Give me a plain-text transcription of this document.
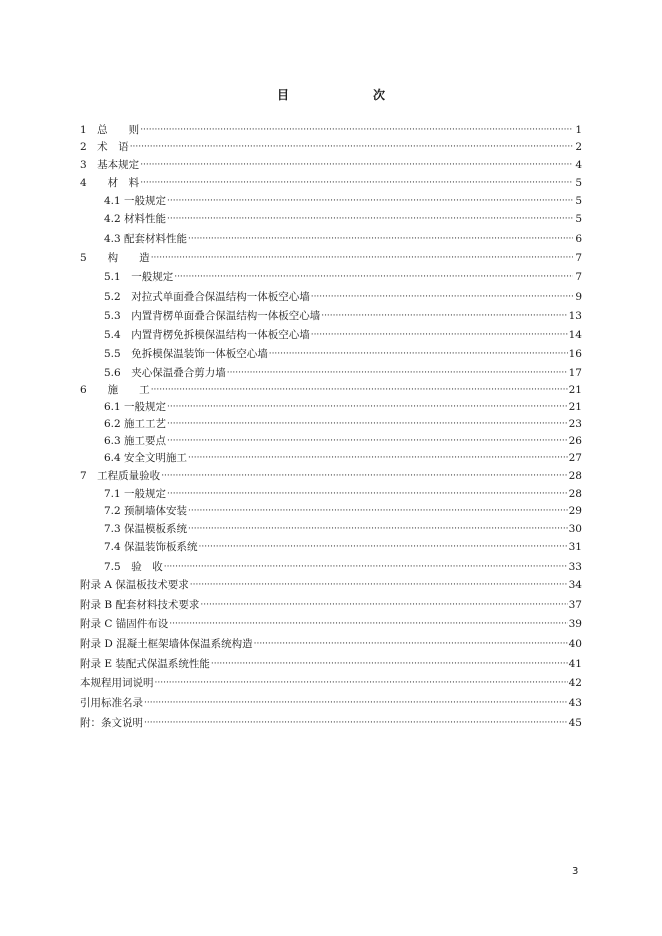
目　次
1　总　　则 ·····	1
2　术　语 ·····	2
3　基本规定 ·····	4
4　　材　料 ·····	5
4.1 一般规定 ·····	5
4.2 材料性能 ·····	5
4.3 配套材料性能 ·····	6
5　　构　　造 ·····	7
5.1　一般规定 ·····	7
5.2　对拉式单面叠合保温结构一体板空心墙 ·····	9
5.3　内置背楞单面叠合保温结构一体板空心墙 ·····	13
5.4　内置背楞免拆模保温结构一体板空心墙 ·····	14
5.5　免拆模保温装饰一体板空心墙 ·····	16
5.6　夹心保温叠合剪力墙 ·····	17
6　　施　　工 ·····	21
6.1 一般规定 ·····	21
6.2 施工工艺 ·····	23
6.3 施工要点 ·····	26
6.4 安全文明施工 ·····	27
7　工程质量验收 ·····	28
7.1 一般规定 ·····	28
7.2 预制墙体安装 ·····	29
7.3 保温模板系统 ·····	30
7.4 保温装饰板系统 ·····	31
7.5　验　收 ·····	33
附录 A 保温板技术要求 ·····	34
附录 B 配套材料技术要求 ·····	37
附录 C 锚固件布设 ·····	39
附录 D 混凝土框架墙体保温系统构造 ·····	40
附录 E 装配式保温系统性能 ·····	41
本规程用词说明 ·····	42
引用标准名录 ·····	43
附：条文说明 ·····	45
3
